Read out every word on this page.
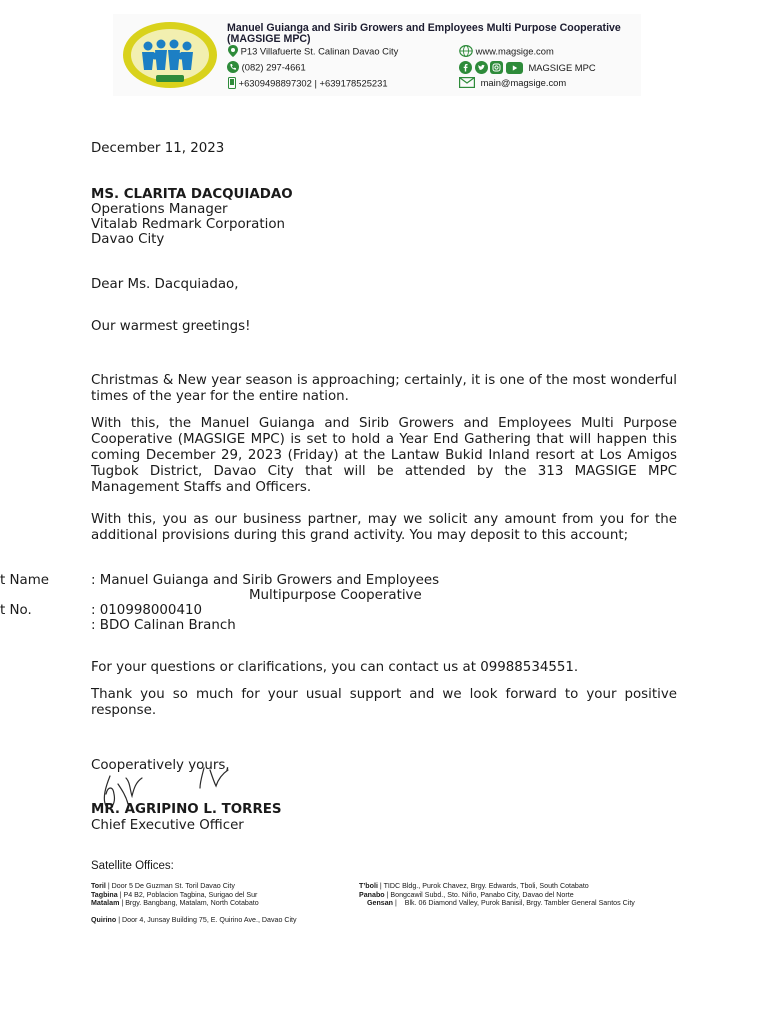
Manuel Guianga and Sirib Growers and Employees Multi Purpose Cooperative (MAGSIGE MPC)
P13 Villafuerte St. Calinan Davao City
(082) 297-4661
+6309498897302 | +639178525231
www.magsige.com
MAGSIGE MPC
main@magsige.com
December 11, 2023
MS. CLARITA DACQUIADAO
Operations Manager
Vitalab Redmark Corporation
Davao City
Dear Ms. Dacquiadao,
Our warmest greetings!
Christmas & New year season is approaching; certainly, it is one of the most wonderful times of the year for the entire nation.
With this, the Manuel Guianga and Sirib Growers and Employees Multi Purpose Cooperative (MAGSIGE MPC) is set to hold a Year End Gathering that will happen this coming December 29, 2023 (Friday) at the Lantaw Bukid Inland resort at Los Amigos Tugbok District, Davao City that will be attended by the 313 MAGSIGE MPC Management Staffs and Officers.
With this, you as our business partner, may we solicit any amount from you for the additional provisions during this grand activity. You may deposit to this account;
t Name	: Manuel Guianga and Sirib Growers and Employees
Multipurpose Cooperative
t No.	: 010998000410
: BDO Calinan Branch
For your questions or clarifications, you can contact us at 09988534551.
Thank you so much for your usual support and we look forward to your positive response.
Cooperatively yours,
MR. AGRIPINO L. TORRES
Chief Executive Officer
Satellite Offices:
Toril | Door 5 De Guzman St. Toril Davao City
Tagbina | P4 B2, Poblacion Tagbina, Surigao del Sur
Matalam | Brgy. Bangbang, Matalam, North Cotabato
Quirino | Door 4, Junsay Building 75, E. Quirino Ave., Davao City
T’boli | TIDC Bldg., Purok Chavez, Brgy. Edwards, Tboli, South Cotabato
Panabo | Bongcawil Subd., Sto. Niño, Panabo City, Davao del Norte
Gensan |    Blk. 06 Diamond Valley, Purok Banisil, Brgy. Tambler General Santos City
